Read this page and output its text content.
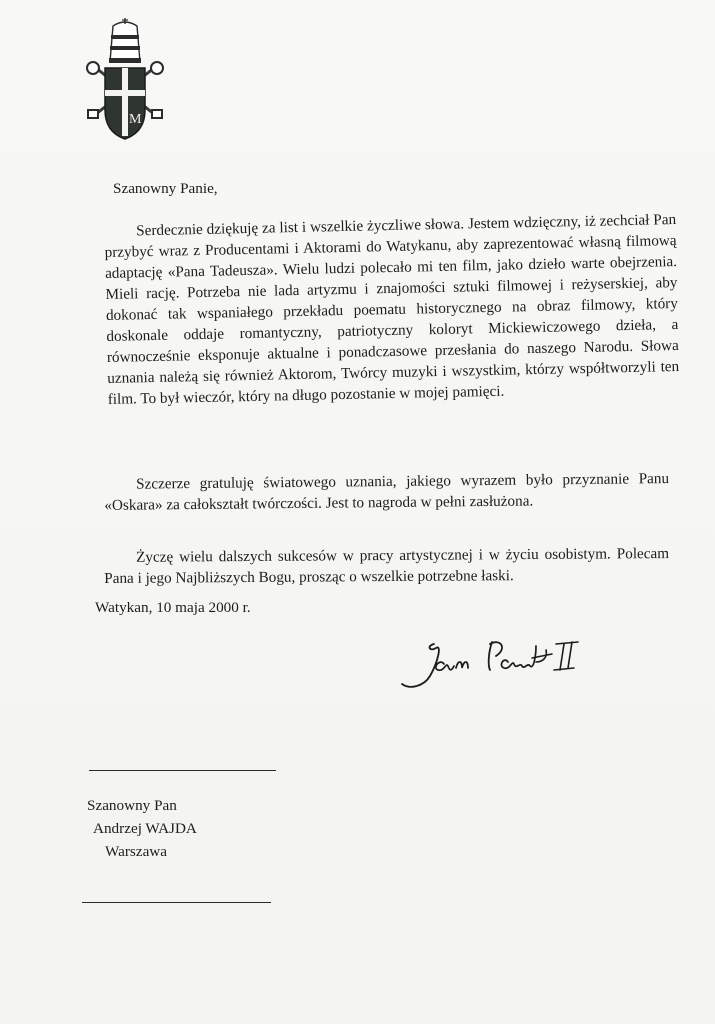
M
Szanowny Panie,
Serdecznie dziękuję za list i wszelkie życzliwe słowa. Jestem wdzięczny, iż zechciał Pan przybyć wraz z Producentami i Aktorami do Watykanu, aby zaprezentować własną filmową adaptację «Pana Tadeusza». Wielu ludzi polecało mi ten film, jako dzieło warte obejrzenia. Mieli rację. Potrzeba nie lada artyzmu i znajomości sztuki filmowej i reżyserskiej, aby dokonać tak wspaniałego przekładu poematu historycznego na obraz filmowy, który doskonale oddaje romantyczny, patriotyczny koloryt Mickiewiczowego dzieła, a równocześnie eksponuje aktualne i ponadczasowe przesłania do naszego Narodu. Słowa uznania należą się również Aktorom, Twórcy muzyki i wszystkim, którzy współtworzyli ten film. To był wieczór, który na długo pozostanie w mojej pamięci.
Szczerze gratuluję światowego uznania, jakiego wyrazem było przyznanie Panu «Oskara» za całokształt twórczości. Jest to nagroda w pełni zasłużona.
Życzę wielu dalszych sukcesów w pracy artystycznej i w życiu osobistym. Polecam Pana i jego Najbliższych Bogu, prosząc o wszelkie potrzebne łaski.
Watykan, 10 maja 2000 r.
Szanowny Pan
Andrzej WAJDA
Warszawa
